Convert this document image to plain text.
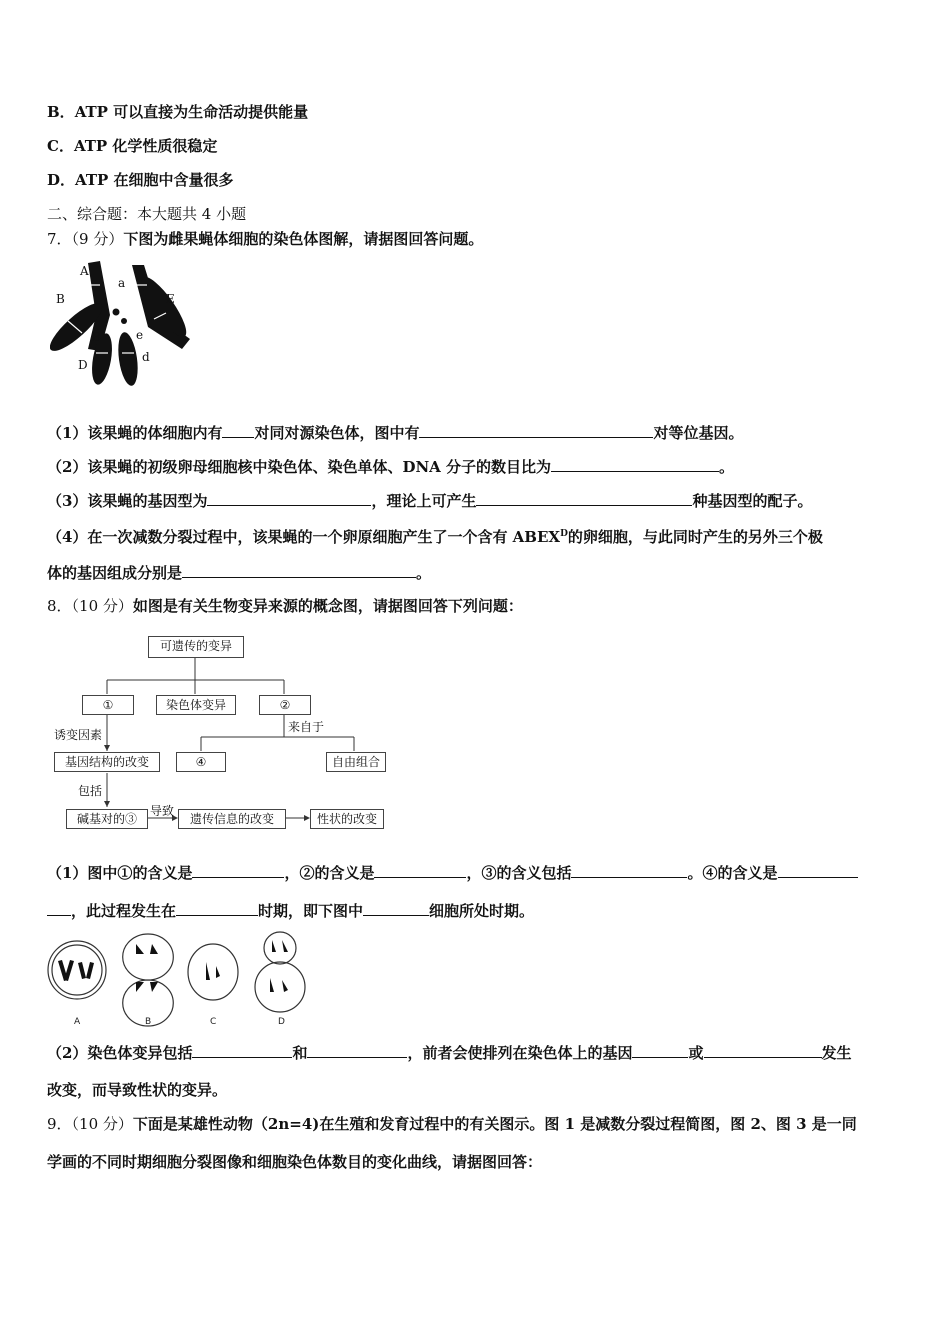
B．ATP 可以直接为生命活动提供能量
C．ATP 化学性质很稳定
D．ATP 在细胞中含量很多
二、综合题：本大题共 4 小题
7．（9 分）下图为雌果蝇体细胞的染色体图解，请据图回答问题。
A
a
B	E
B	e
D
d
（1）该果蝇的体细胞内有 对同对源染色体，图中有	对等位基因。
（2）该果蝇的初级卵母细胞核中染色体、染色单体、DNA 分子的数目比为	。
（3）该果蝇的基因型为	，理论上可产生	种基因型的配子。
（4）在一次减数分裂过程中，该果蝇的一个卵原细胞产生了一个含有 $ABEX^D$的卵细胞，与此同时产生的另外三个极
体的基因组成分别是	。
8．（10 分）如图是有关生物变异来源的概念图，请据图回答下列问题：
可遗传的变异
①	染色体变异	②
来自于
④	自由组合
诱变因素
基因结构的改变
包括
碱基对的③
导致
遗传信息的改变	性状的改变
（1）图中①的含义是	，②的含义是	，③的含义包括	。④的含义是
，此过程发生在	时期，即下图中	细胞所处时期。
A	B	C	D
（2）染色体变异包括	和	，前者会使排列在染色体上的基因	或	发生
改变，而导致性状的变异。
9．（10 分）下面是某雄性动物（2n=4)在生殖和发育过程中的有关图示。图 1 是减数分裂过程简图，图 2、图 3 是一同
学画的不同时期细胞分裂图像和细胞染色体数目的变化曲线，请据图回答：
